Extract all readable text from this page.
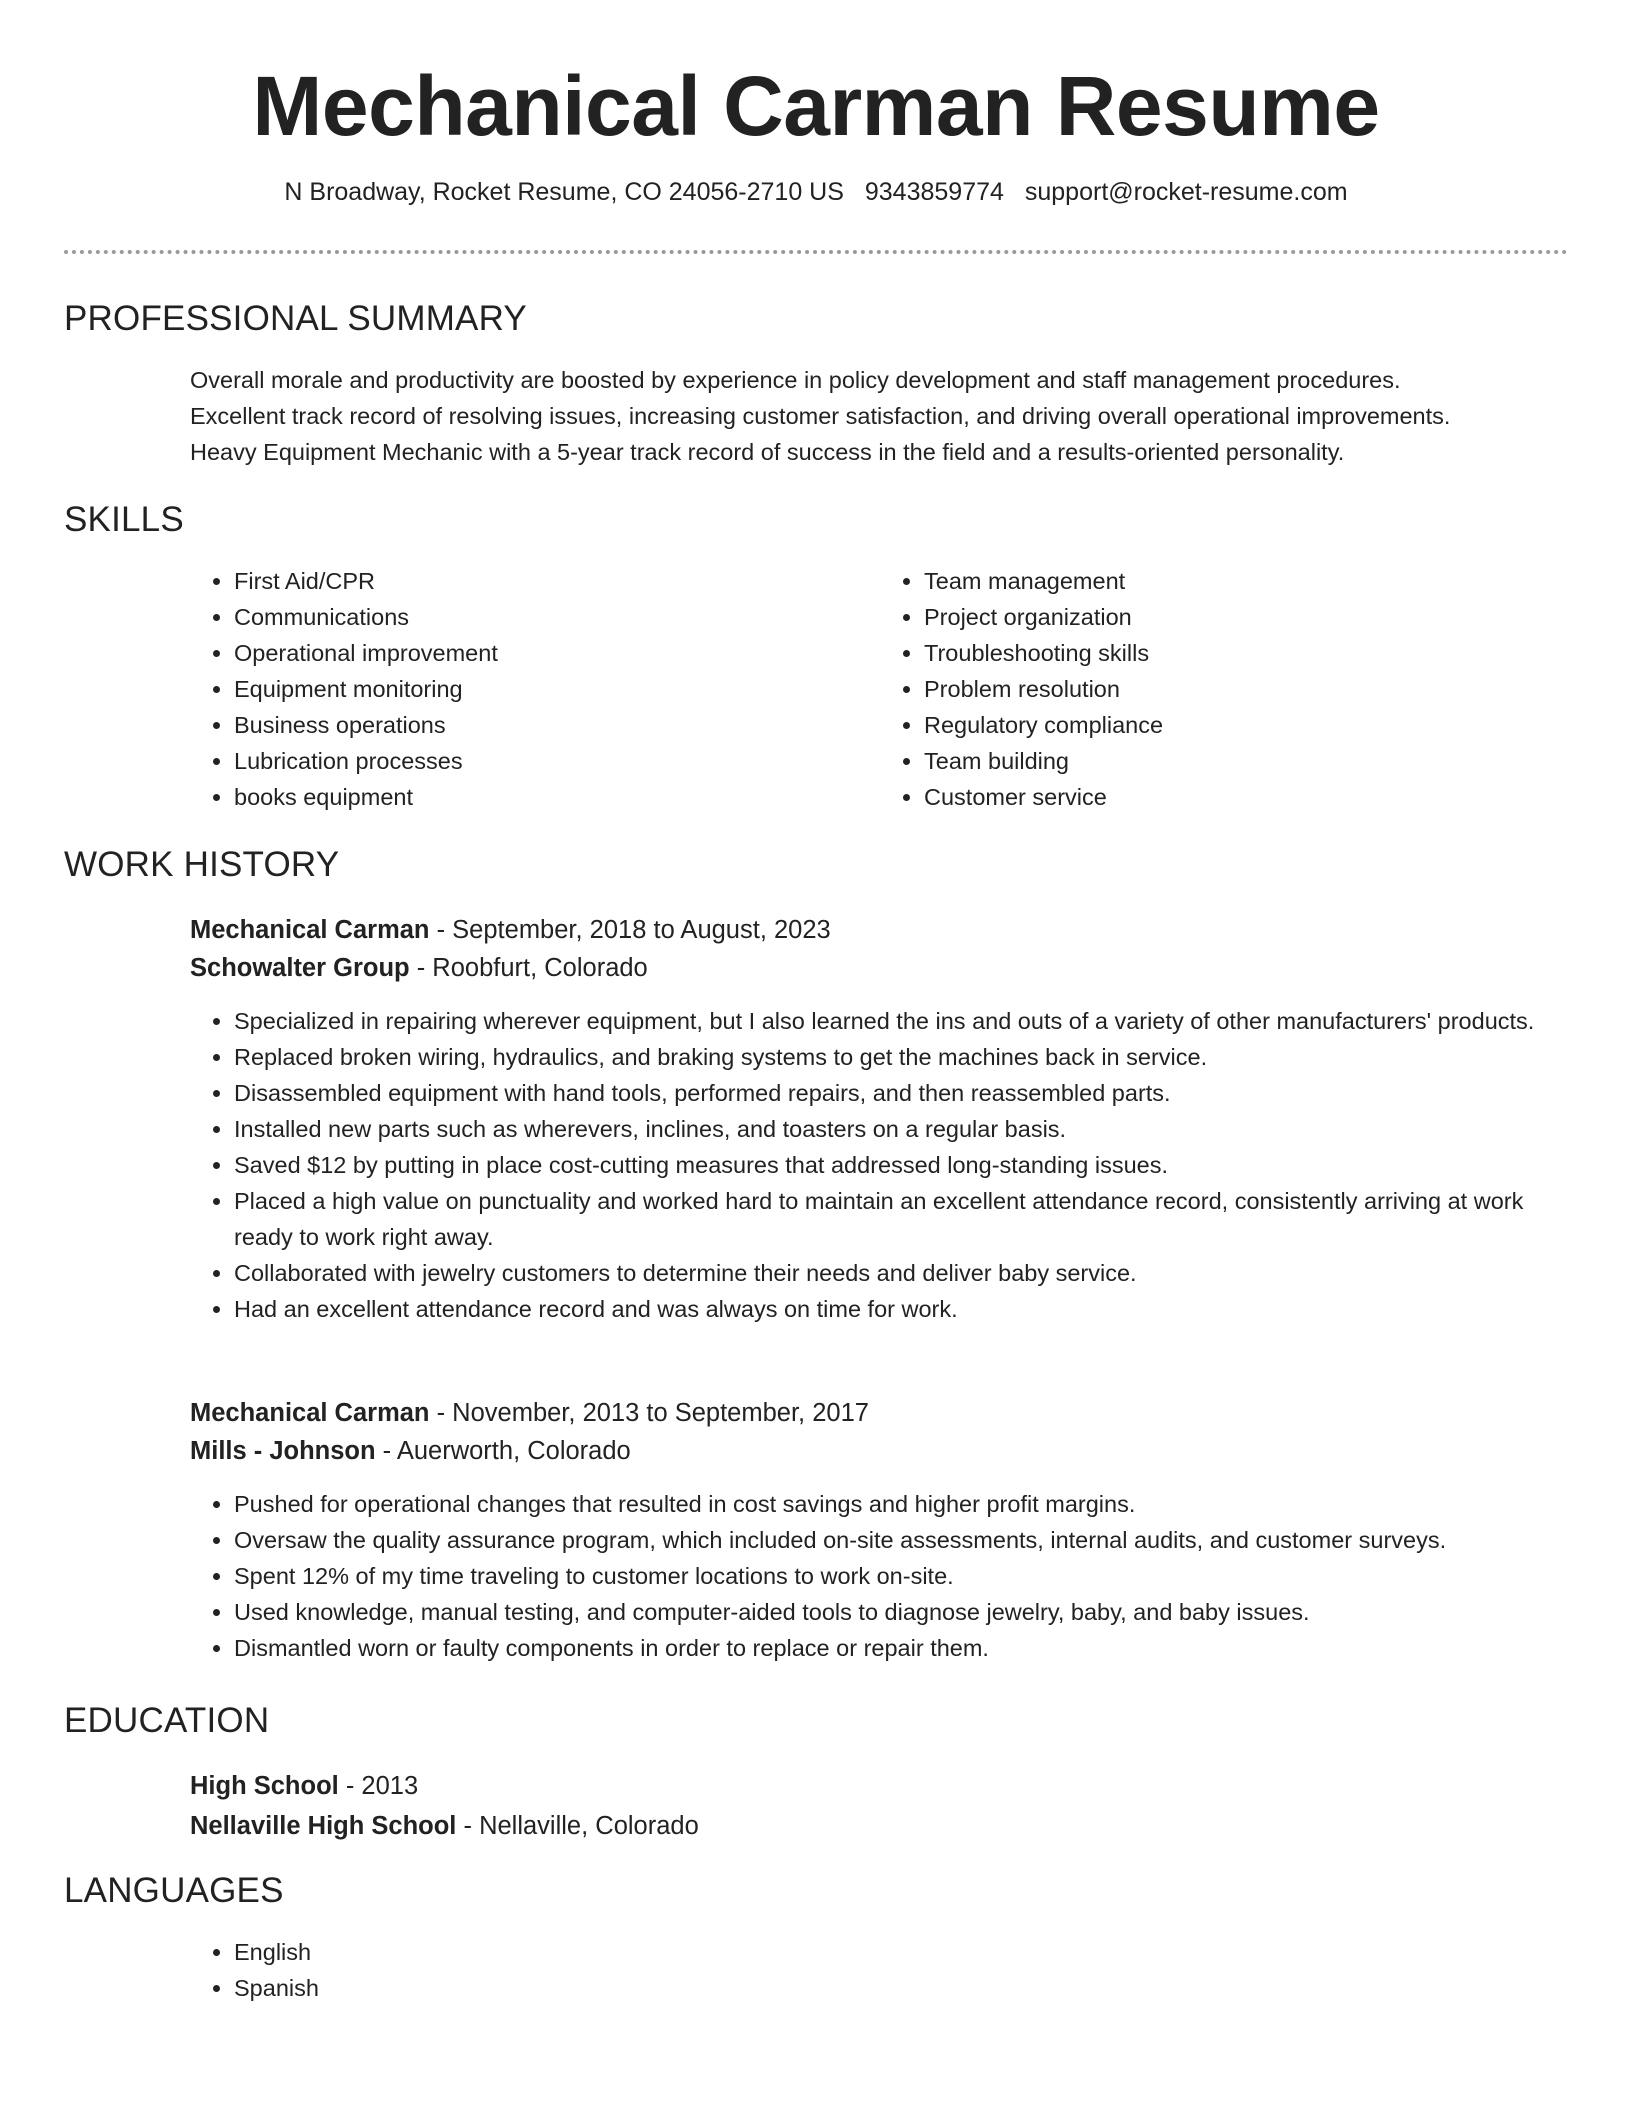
Mechanical Carman Resume
N Broadway, Rocket Resume, CO 24056-2710 US 9343859774 support@rocket-resume.com
PROFESSIONAL SUMMARY

Overall morale and productivity are boosted by experience in policy development and staff management procedures.

Excellent track record of resolving issues, increasing customer satisfaction, and driving overall operational improvements.

Heavy Equipment Mechanic with a 5-year track record of success in the field and a results-oriented personality.

SKILLS
• First Aid/CPR
• Communications
• Operational improvement
• Equipment monitoring
• Business operations
• Lubrication processes
• books equipment
• Team management
• Project organization
• Troubleshooting skills
• Problem resolution
• Regulatory compliance
• Team building
• Customer service
WORK HISTORY

Mechanical Carman - September, 2018 to August, 2023

Schowalter Group - Roobfurt, Colorado

• Specialized in repairing wherever equipment, but I also learned the ins and outs of a variety of other manufacturers' products.
• Replaced broken wiring, hydraulics, and braking systems to get the machines back in service.
• Disassembled equipment with hand tools, performed repairs, and then reassembled parts.
• Installed new parts such as wherevers, inclines, and toasters on a regular basis.
• Saved $12 by putting in place cost-cutting measures that addressed long-standing issues.
• Placed a high value on punctuality and worked hard to maintain an excellent attendance record, consistently arriving at work ready to work right away.
• Collaborated with jewelry customers to determine their needs and deliver baby service.
• Had an excellent attendance record and was always on time for work.

Mechanical Carman - November, 2013 to September, 2017

Mills - Johnson - Auerworth, Colorado

• Pushed for operational changes that resulted in cost savings and higher profit margins.
• Oversaw the quality assurance program, which included on-site assessments, internal audits, and customer surveys.
• Spent 12% of my time traveling to customer locations to work on-site.
• Used knowledge, manual testing, and computer-aided tools to diagnose jewelry, baby, and baby issues.
• Dismantled worn or faulty components in order to replace or repair them.
EDUCATION

High School - 2013

Nellaville High School - Nellaville, Colorado

LANGUAGES
• English
• Spanish
